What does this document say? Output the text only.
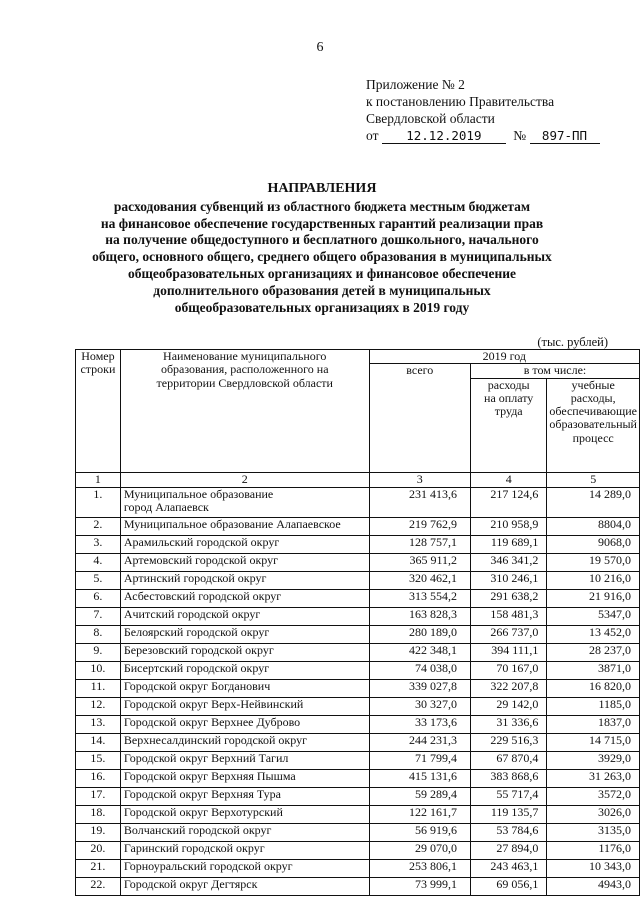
6
Приложение № 2
к постановлению Правительства
Свердловской области
от 12.12.2019 № 897-ПП
НАПРАВЛЕНИЯ
расходования субвенций из областного бюджета местным бюджетам
на финансовое обеспечение государственных гарантий реализации прав
на получение общедоступного и бесплатного дошкольного, начального
общего, основного общего, среднего общего образования в муниципальных
общеобразовательных организациях и финансовое обеспечение
дополнительного образования детей в муниципальных
общеобразовательных организациях в 2019 году
(тыс. рублей)
Номер строки	Наименование муниципального образования, расположенного на территории Свердловской области	2019 год		
		всего	в том числе:	
			расходы на оплату труда	учебные расходы, обеспечивающие образовательный процесс
1	2	3	4	5
1.	Муниципальное образование город Алапаевск	231 413,6	217 124,6	14 289,0
2.	Муниципальное образование Алапаевское	219 762,9	210 958,9	8804,0
3.	Арамильский городской округ	128 757,1	119 689,1	9068,0
4.	Артемовский городской округ	365 911,2	346 341,2	19 570,0
5.	Артинский городской округ	320 462,1	310 246,1	10 216,0
6.	Асбестовский городской округ	313 554,2	291 638,2	21 916,0
7.	Ачитский городской округ	163 828,3	158 481,3	5347,0
8.	Белоярский городской округ	280 189,0	266 737,0	13 452,0
9.	Березовский городской округ	422 348,1	394 111,1	28 237,0
10.	Бисертский городской округ	74 038,0	70 167,0	3871,0
11.	Городской округ Богданович	339 027,8	322 207,8	16 820,0
12.	Городской округ Верх-Нейвинский	30 327,0	29 142,0	1185,0
13.	Городской округ Верхнее Дуброво	33 173,6	31 336,6	1837,0
14.	Верхнесалдинский городской округ	244 231,3	229 516,3	14 715,0
15.	Городской округ Верхний Тагил	71 799,4	67 870,4	3929,0
16.	Городской округ Верхняя Пышма	415 131,6	383 868,6	31 263,0
17.	Городской округ Верхняя Тура	59 289,4	55 717,4	3572,0
18.	Городской округ Верхотурский	122 161,7	119 135,7	3026,0
19.	Волчанский городской округ	56 919,6	53 784,6	3135,0
20.	Гаринский городской округ	29 070,0	27 894,0	1176,0
21.	Горноуральский городской округ	253 806,1	243 463,1	10 343,0
22.	Городской округ Дегтярск	73 999,1	69 056,1	4943,0
